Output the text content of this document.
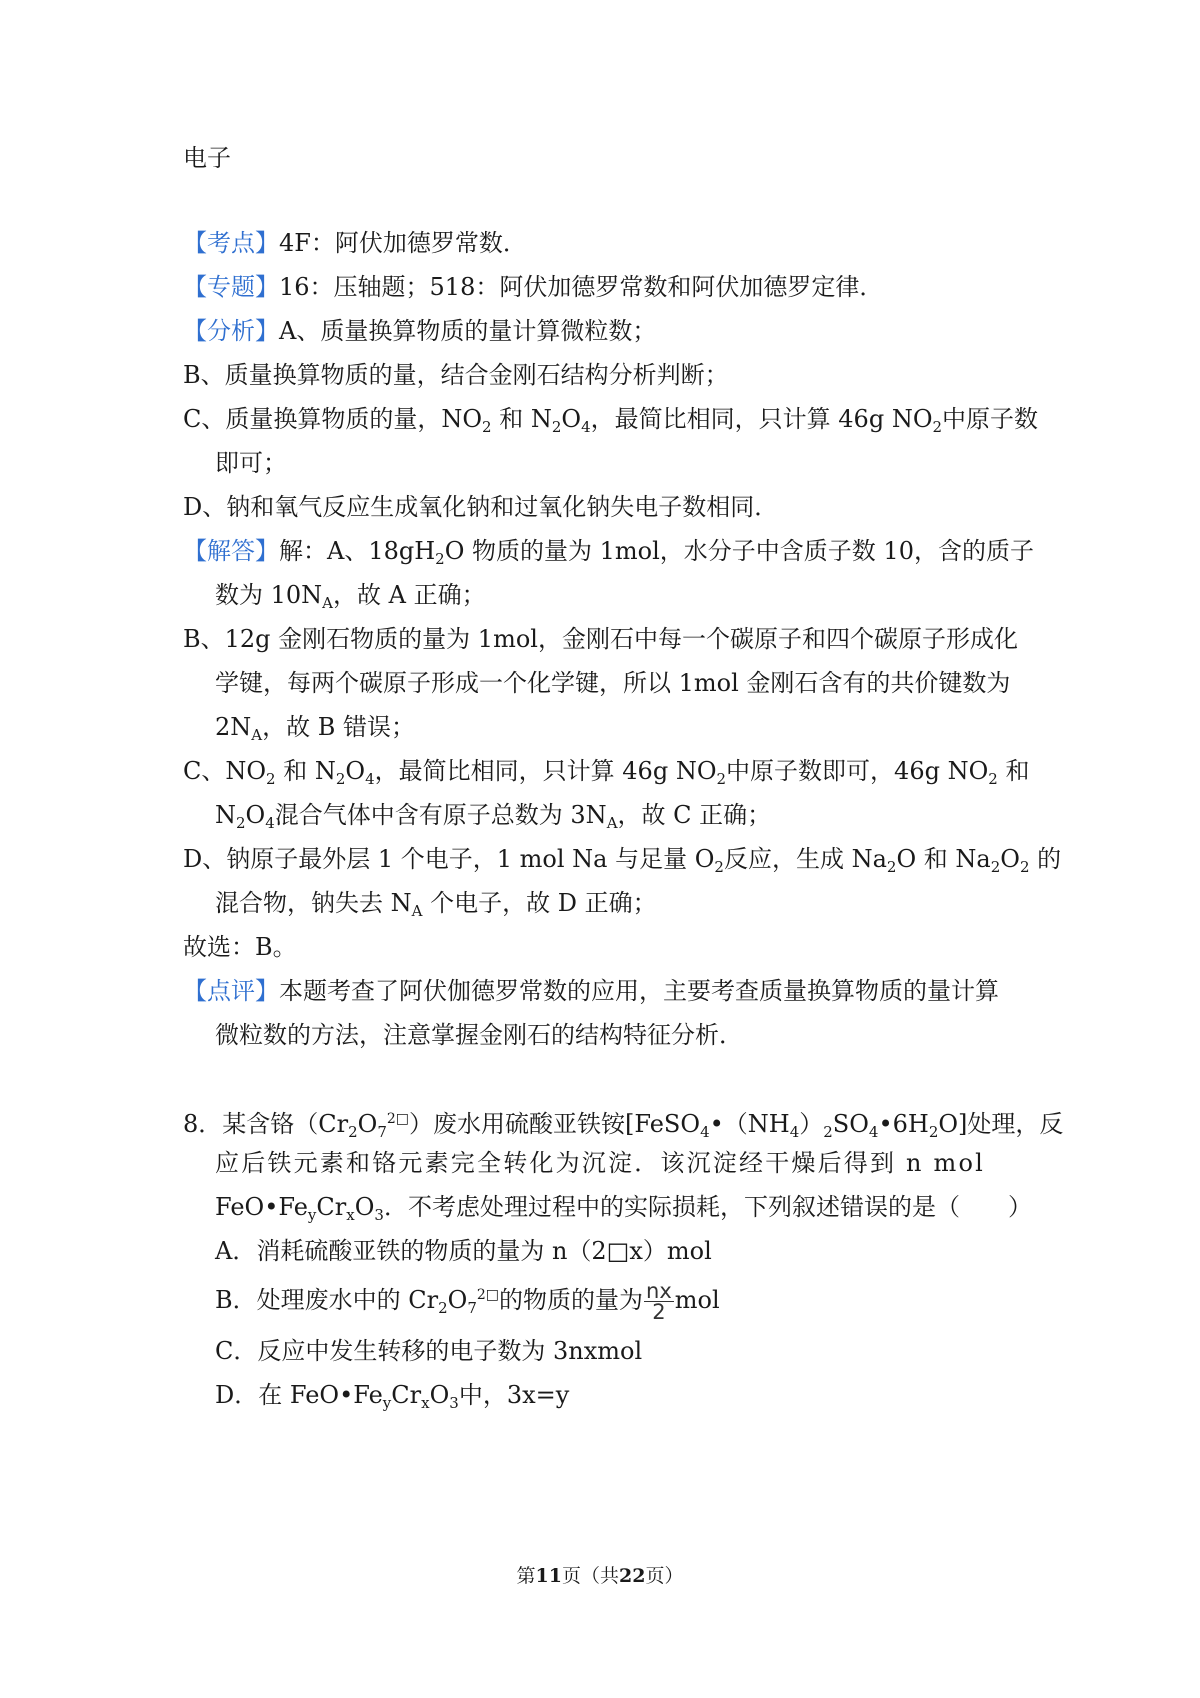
电子
【考点】4F：阿伏加德罗常数．
【专题】16：压轴题；518：阿伏加德罗常数和阿伏加德罗定律．
【分析】A、质量换算物质的量计算微粒数；
B、质量换算物质的量，结合金刚石结构分析判断；
C、质量换算物质的量，$NO_2$ 和 $N_2O_4$，最简比相同，只计算 46g $NO_2$中原子数
即可；
D、钠和氧气反应生成氧化钠和过氧化钠失电子数相同．
【解答】解：A、$18gH_2O$ 物质的量为 1mol，水分子中含质子数 10，含的质子
数为 $10N_A$，故 A 正确；
B、12g 金刚石物质的量为 1mol，金刚石中每一个碳原子和四个碳原子形成化
学键，每两个碳原子形成一个化学键，所以 1mol 金刚石含有的共价键数为
$2N_A$，故 B 错误；
C、$NO_2$ 和 $N_2O_4$，最简比相同，只计算 46g $NO_2$中原子数即可，46g $NO_2$ 和
$N_2O_4$混合气体中含有原子总数为 $3N_A$，故 C 正确；
D、钠原子最外层 1 个电子，1 mol Na 与足量 $O_2$反应，生成 $Na_2O$ 和 $Na_2O_2$ 的
混合物，钠失去 $N_A$ 个电子，故 D 正确；
故选：B。
【点评】本题考查了阿伏伽德罗常数的应用，主要考查质量换算物质的量计算
微粒数的方法，注意掌握金刚石的结构特征分析．
8．某含铬$(Cr_2O_7^{2□})$废水用硫酸亚铁铵$[FeSO_4•(NH_4)_2SO_4•6H_2O]$处理，反
应后铁元素和铬元素完全转化为沉淀．该沉淀经干燥后得到 n mol
$FeO•Fe_yCr_xO_3$．不考虑处理过程中的实际损耗，下列叙述错误的是（　　）
A．消耗硫酸亚铁的物质的量为 n（2□x）mol
B．处理废水中的 $Cr_2O_7^{2□}$的物质的量为 $\frac{nx}{2}$ mol
C．反应中发生转移的电子数为 3nxmol
D．在 $FeO•Fe_yCr_xO_3$中，3x=y
第11页（共22页）
